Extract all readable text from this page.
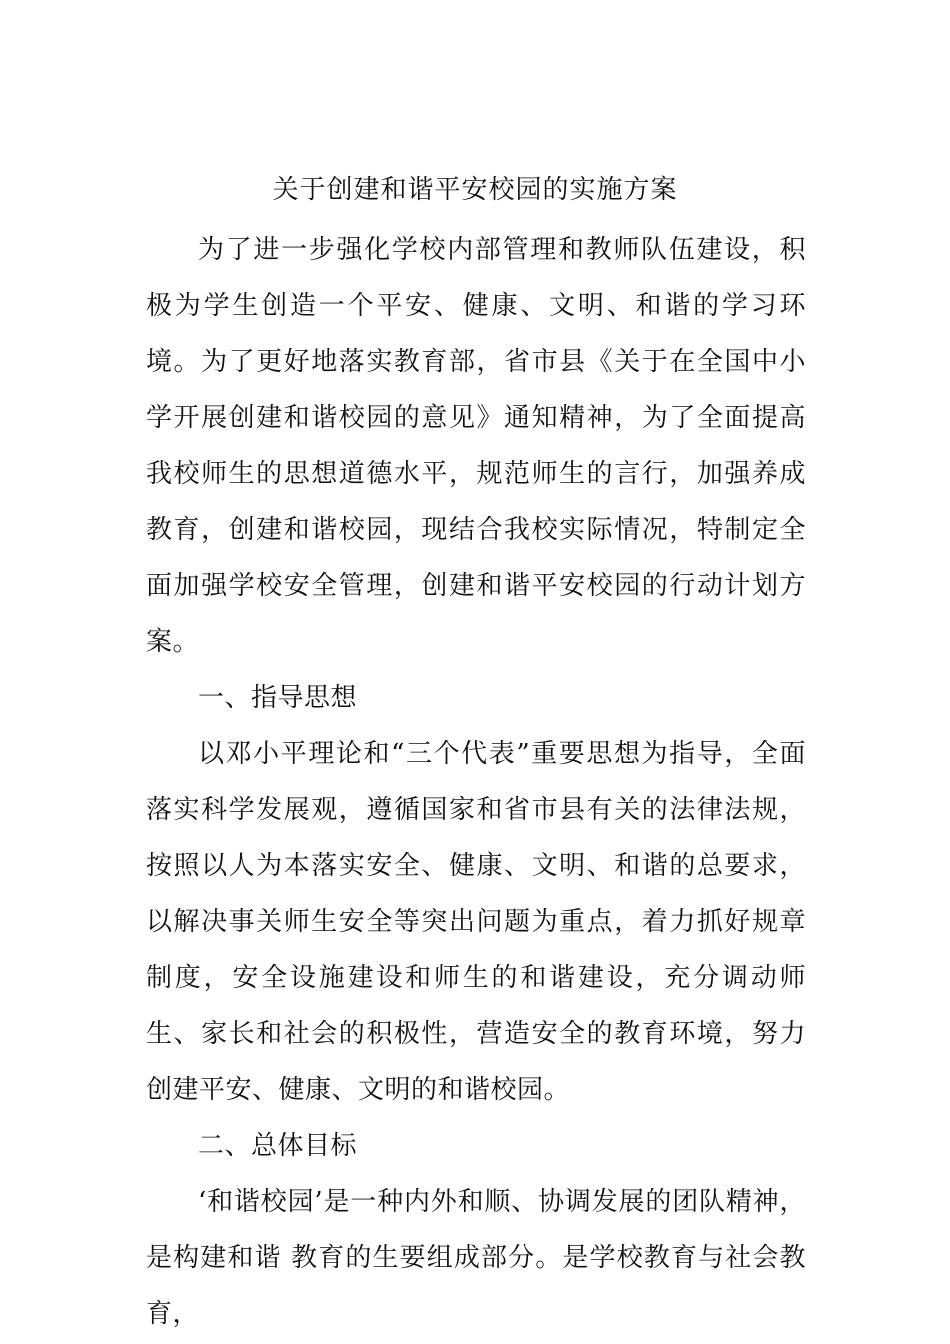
关于创建和谐平安校园的实施方案

为了进一步强化学校内部管理和教师队伍建设，积极为学生创造一个平安、健康、文明、和谐的学习环境。为了更好地落实教育部，省市县《关于在全国中小学开展创建和谐校园的意见》通知精神，为了全面提高我校师生的思想道德水平，规范师生的言行，加强养成教育，创建和谐校园，现结合我校实际情况，特制定全面加强学校安全管理，创建和谐平安校园的行动计划方案。

一、指导思想

以邓小平理论和“三个代表”重要思想为指导，全面落实科学发展观，遵循国家和省市县有关的法律法规，按照以人为本落实安全、健康、文明、和谐的总要求，以解决事关师生安全等突出问题为重点，着力抓好规章制度，安全设施建设和师生的和谐建设，充分调动师生、家长和社会的积极性，营造安全的教育环境，努力创建平安、健康、文明的和谐校园。

二、总体目标

‘和谐校园’是一种内外和顺、协调发展的团队精神，是构建和谐 教育的生要组成部分。是学校教育与社会教育，
